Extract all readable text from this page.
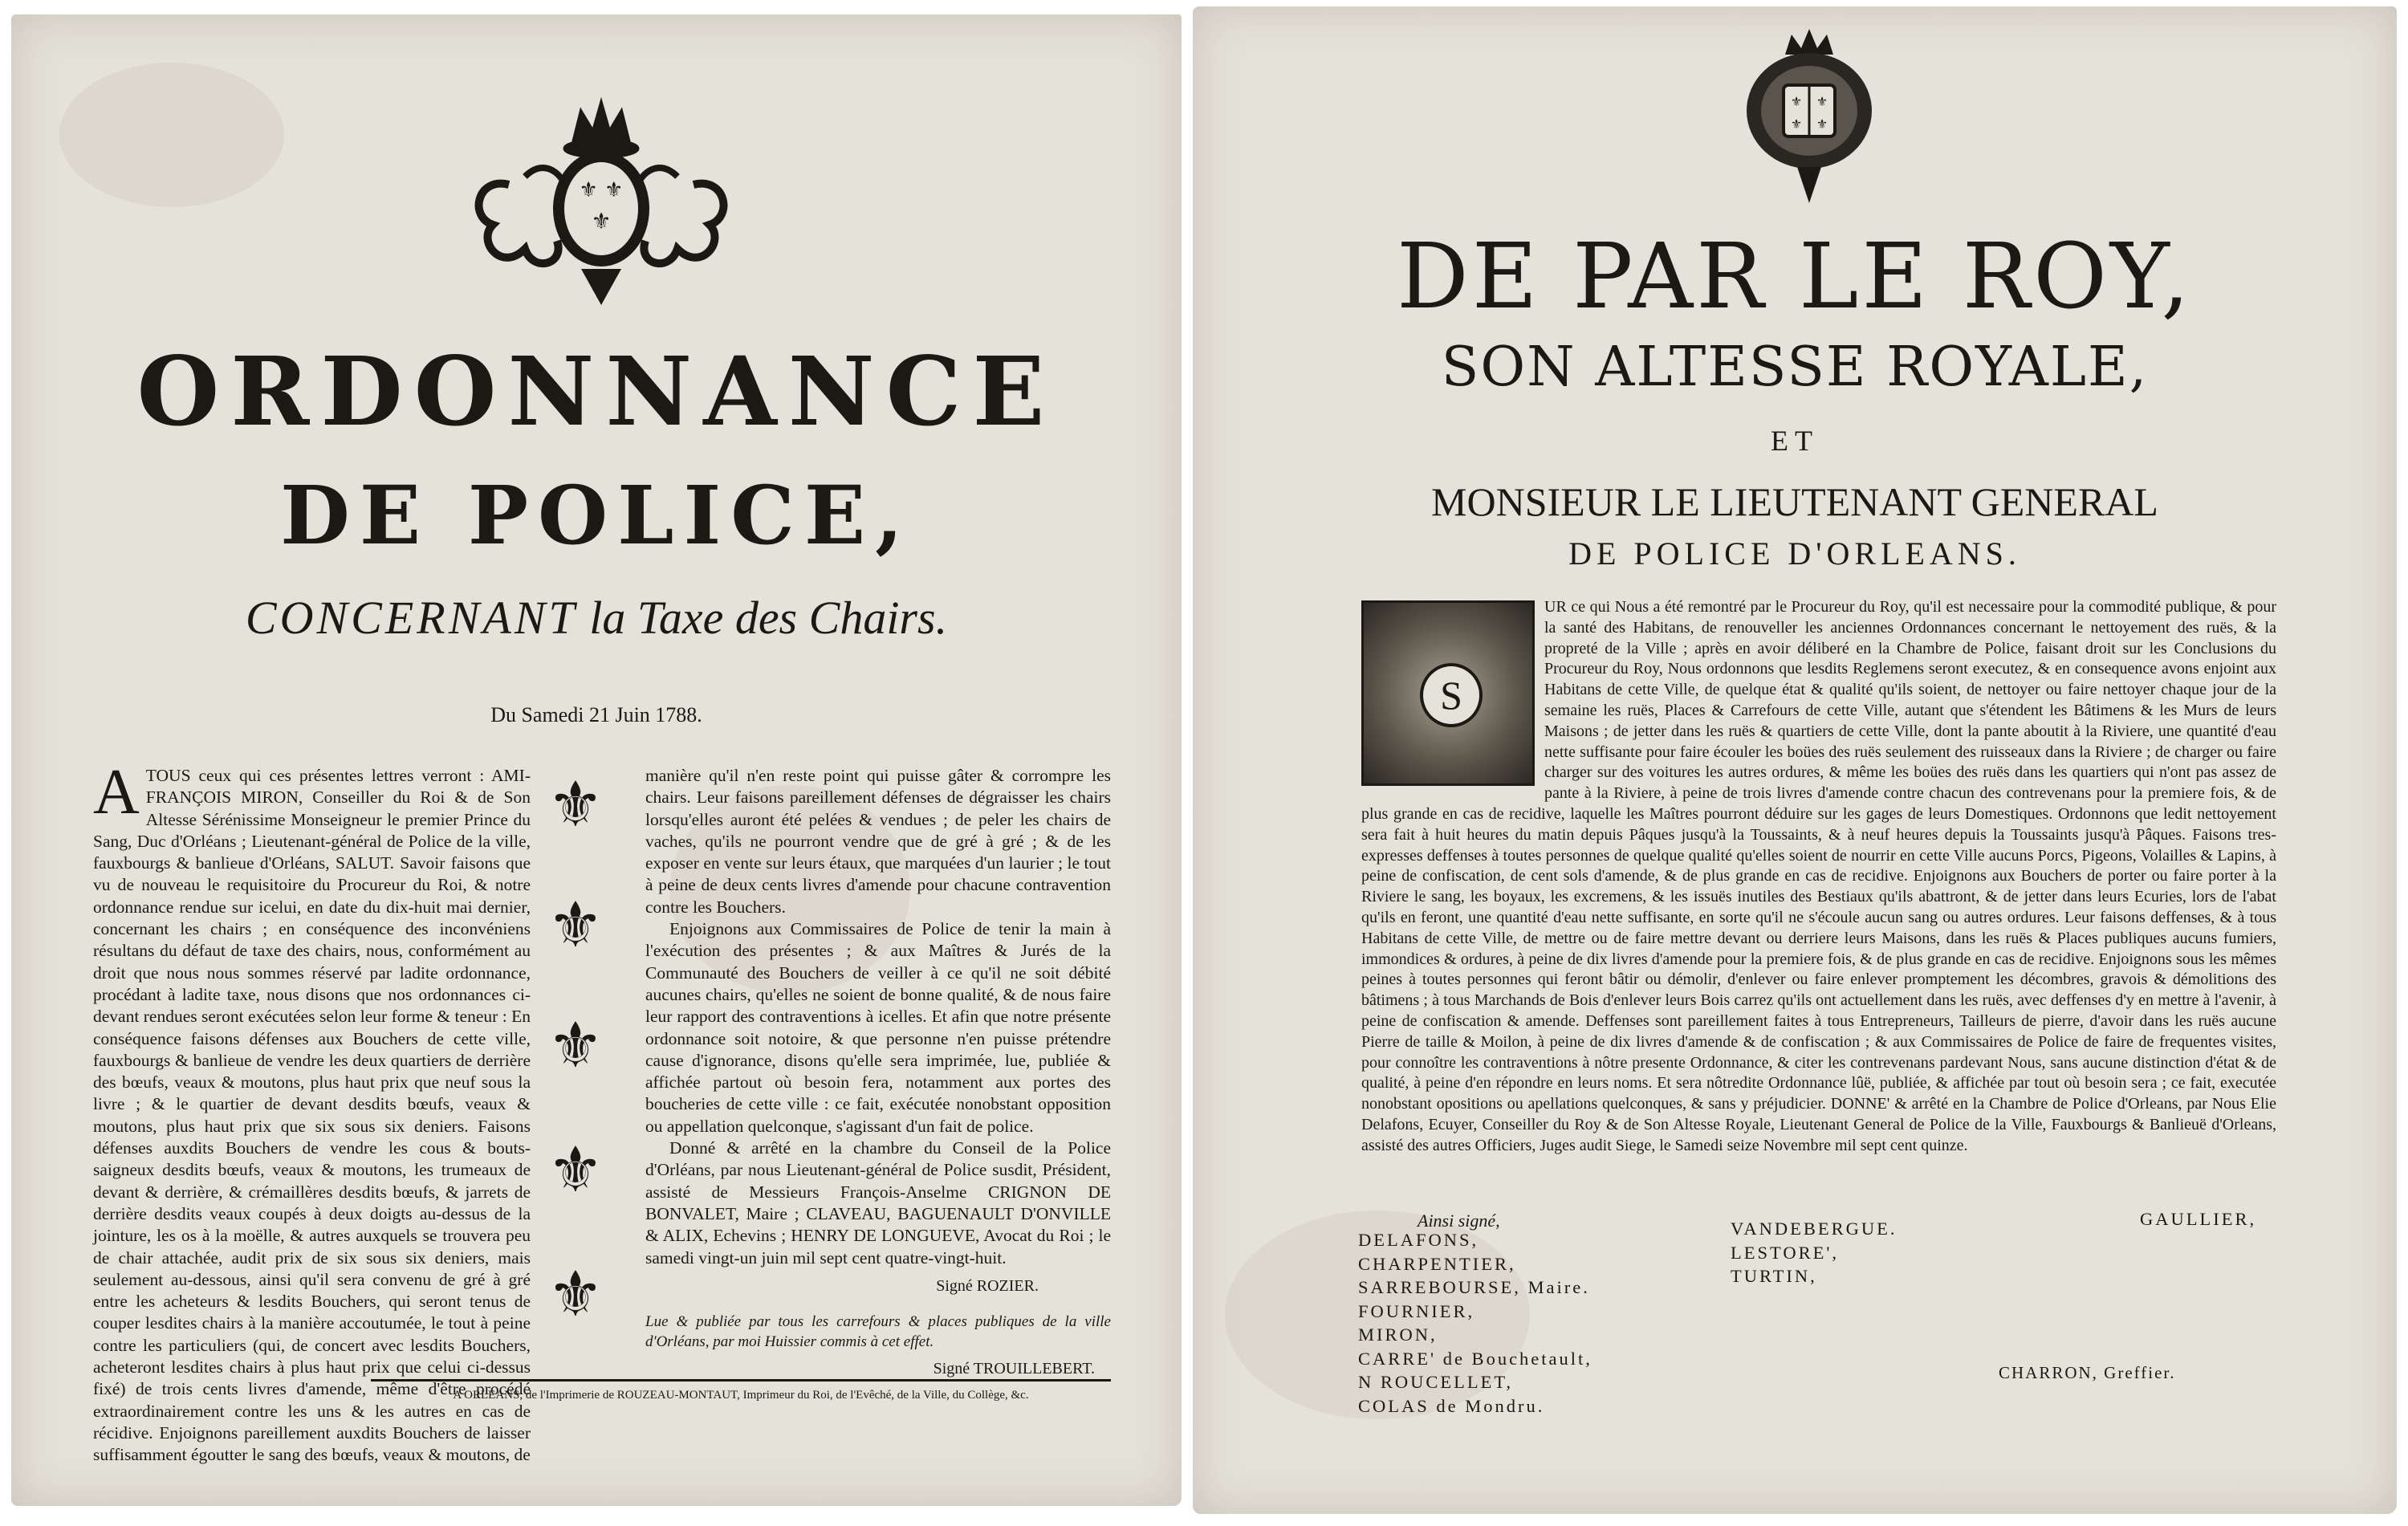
⚜ ⚜
⚜
ORDONNANCE
DE POLICE,
CONCERNANT la Taxe des Chairs.
Du Samedi 21 Juin 1788.
A TOUS ceux qui ces présentes lettres verront : AMI-FRANÇOIS MIRON, Conseiller du Roi & de Son Altesse Sérénissime Monseigneur le premier Prince du Sang, Duc d'Orléans ; Lieutenant-général de Police de la ville, fauxbourgs & banlieue d'Orléans, SALUT. Savoir faisons que vu de nouveau le requisitoire du Procureur du Roi, & notre ordonnance rendue sur icelui, en date du dix-huit mai dernier, concernant les chairs ; en conséquence des inconvéniens résultans du défaut de taxe des chairs, nous, conformément au droit que nous nous sommes réservé par ladite ordonnance, procédant à ladite taxe, nous disons que nos ordonnances ci-devant rendues seront exécutées selon leur forme & teneur : En conséquence faisons défenses aux Bouchers de cette ville, fauxbourgs & banlieue de vendre les deux quartiers de derrière des bœufs, veaux & moutons, plus haut prix que neuf sous la livre ; & le quartier de devant desdits bœufs, veaux & moutons, plus haut prix que six sous six deniers. Faisons défenses auxdits Bouchers de vendre les cous & bouts-saigneux desdits bœufs, veaux & moutons, les trumeaux de devant & derrière, & crémaillères desdits bœufs, & jarrets de derrière desdits veaux coupés à deux doigts au-dessus de la jointure, les os à la moëlle, & autres auxquels se trouvera peu de chair attachée, audit prix de six sous six deniers, mais seulement au-dessous, ainsi qu'il sera convenu de gré à gré entre les acheteurs & lesdits Bouchers, qui seront tenus de couper lesdites chairs à la manière accoutumée, le tout à peine contre les particuliers (qui, de concert avec lesdits Bouchers, acheteront lesdites chairs à plus haut prix que celui ci-dessus fixé) de trois cents livres d'amende, même d'être procédé extraordinairement contre les uns & les autres en cas de récidive. Enjoignons pareillement auxdits Bouchers de laisser suffisamment égoutter le sang des bœufs, veaux & moutons, de
⚜
⚜
⚜
⚜
⚜

manière qu'il n'en reste point qui puisse gâter & corrompre les chairs. Leur faisons pareillement défenses de dégraisser les chairs lorsqu'elles auront été pelées & vendues ; de peler les chairs de vaches, qu'ils ne pourront vendre que de gré à gré ; & de les exposer en vente sur leurs étaux, que marquées d'un laurier ; le tout à peine de deux cents livres d'amende pour chacune contravention contre les Bouchers.

Enjoignons aux Commissaires de Police de tenir la main à l'exécution des présentes ; & aux Maîtres & Jurés de la Communauté des Bouchers de veiller à ce qu'il ne soit débité aucunes chairs, qu'elles ne soient de bonne qualité, & de nous faire leur rapport des contraventions à icelles. Et afin que notre présente ordonnance soit notoire, & que personne n'en puisse prétendre cause d'ignorance, disons qu'elle sera imprimée, lue, publiée & affichée partout où besoin fera, notamment aux portes des boucheries de cette ville : ce fait, exécutée nonobstant opposition ou appellation quelconque, s'agissant d'un fait de police.

Donné & arrêté en la chambre du Conseil de la Police d'Orléans, par nous Lieutenant-général de Police susdit, Président, assisté de Messieurs François-Anselme CRIGNON DE BONVALET, Maire ; CLAVEAU, BAGUENAULT D'ONVILLE & ALIX, Echevins ; HENRY DE LONGUEVE, Avocat du Roi ; le samedi vingt-un juin mil sept cent quatre-vingt-huit.

Signé ROZIER.

Lue & publiée par tous les carrefours & places publiques de la ville d'Orléans, par moi Huissier commis à cet effet.

Signé TROUILLEBERT.

A ORLEANS, de l'Imprimerie de ROUZEAU-MONTAUT, Imprimeur du Roi, de l'Evêché, de la Ville, du Collège, &c.
⚜ ⚜
⚜ ⚜
DE PAR LE ROY,
SON ALTESSE ROYALE,
ET
MONSIEUR LE LIEUTENANT GENERAL
DE POLICE D'ORLEANS.
S
UR ce qui Nous a été remontré par le Procureur du Roy, qu'il est necessaire pour la commodité publique, & pour la santé des Habitans, de renouveller les anciennes Ordonnances concernant le nettoyement des ruës, & la propreté de la Ville ; après en avoir déliberé en la Chambre de Police, faisant droit sur les Conclusions du Procureur du Roy, Nous ordonnons que lesdits Reglemens seront executez, & en consequence avons enjoint aux Habitans de cette Ville, de quelque état & qualité qu'ils soient, de nettoyer ou faire nettoyer chaque jour de la semaine les ruës, Places & Carrefours de cette Ville, autant que s'étendent les Bâtimens & les Murs de leurs Maisons ; de jetter dans les ruës & quartiers de cette Ville, dont la pante aboutit à la Riviere, une quantité d'eau nette suffisante pour faire écouler les boües des ruës seulement des ruisseaux dans la Riviere ; de charger ou faire charger sur des voitures les autres ordures, & même les boües des ruës dans les quartiers qui n'ont pas assez de pante à la Riviere, à peine de trois livres d'amende contre chacun des contrevenans pour la premiere fois, & de plus grande en cas de recidive, laquelle les Maîtres pourront déduire sur les gages de leurs Domestiques. Ordonnons que ledit nettoyement sera fait à huit heures du matin depuis Pâques jusqu'à la Toussaints, & à neuf heures depuis la Toussaints jusqu'à Pâques. Faisons tres-expresses deffenses à toutes personnes de quelque qualité qu'elles soient de nourrir en cette Ville aucuns Porcs, Pigeons, Volailles & Lapins, à peine de confiscation, de cent sols d'amende, & de plus grande en cas de recidive. Enjoignons aux Bouchers de porter ou faire porter à la Riviere le sang, les boyaux, les excremens, & les issuës inutiles des Bestiaux qu'ils abattront, & de jetter dans leurs Ecuries, lors de l'abat qu'ils en feront, une quantité d'eau nette suffisante, en sorte qu'il ne s'écoule aucun sang ou autres ordures. Leur faisons deffenses, & à tous Habitans de cette Ville, de mettre ou de faire mettre devant ou derriere leurs Maisons, dans les ruës & Places publiques aucuns fumiers, immondices & ordures, à peine de dix livres d'amende pour la premiere fois, & de plus grande en cas de recidive. Enjoignons sous les mêmes peines à toutes personnes qui feront bâtir ou démolir, d'enlever ou faire enlever promptement les décombres, gravois & démolitions des bâtimens ; à tous Marchands de Bois d'enlever leurs Bois carrez qu'ils ont actuellement dans les ruës, avec deffenses d'y en mettre à l'avenir, à peine de confiscation & amende. Deffenses sont pareillement faites à tous Entrepreneurs, Tailleurs de pierre, d'avoir dans les ruës aucune Pierre de taille & Moilon, à peine de dix livres d'amende & de confiscation ; & aux Commissaires de Police de faire de frequentes visites, pour connoître les contraventions à nôtre presente Ordonnance, & citer les contrevenans pardevant Nous, sans aucune distinction d'état & de qualité, à peine d'en répondre en leurs noms. Et sera nôtredite Ordonnance lûë, publiée, & affichée par tout où besoin sera ; ce fait, executée nonobstant opositions ou apellations quelconques, & sans y préjudicier. DONNE' & arrêté en la Chambre de Police d'Orleans, par Nous Elie Delafons, Ecuyer, Conseiller du Roy & de Son Altesse Royale, Lieutenant General de Police de la Ville, Fauxbourgs & Banlieuë d'Orleans, assisté des autres Officiers, Juges audit Siege, le Samedi seize Novembre mil sept cent quinze.
Ainsi signé,
DELAFONS,
CHARPENTIER,
SARREBOURSE, Maire.
FOURNIER,
MIRON,
CARRE' de Bouchetault,
N ROUCELLET,
COLAS de Mondru.
VANDEBERGUE.
LESTORE',
TURTIN,
GAULLIER,
CHARRON, Greffier.
